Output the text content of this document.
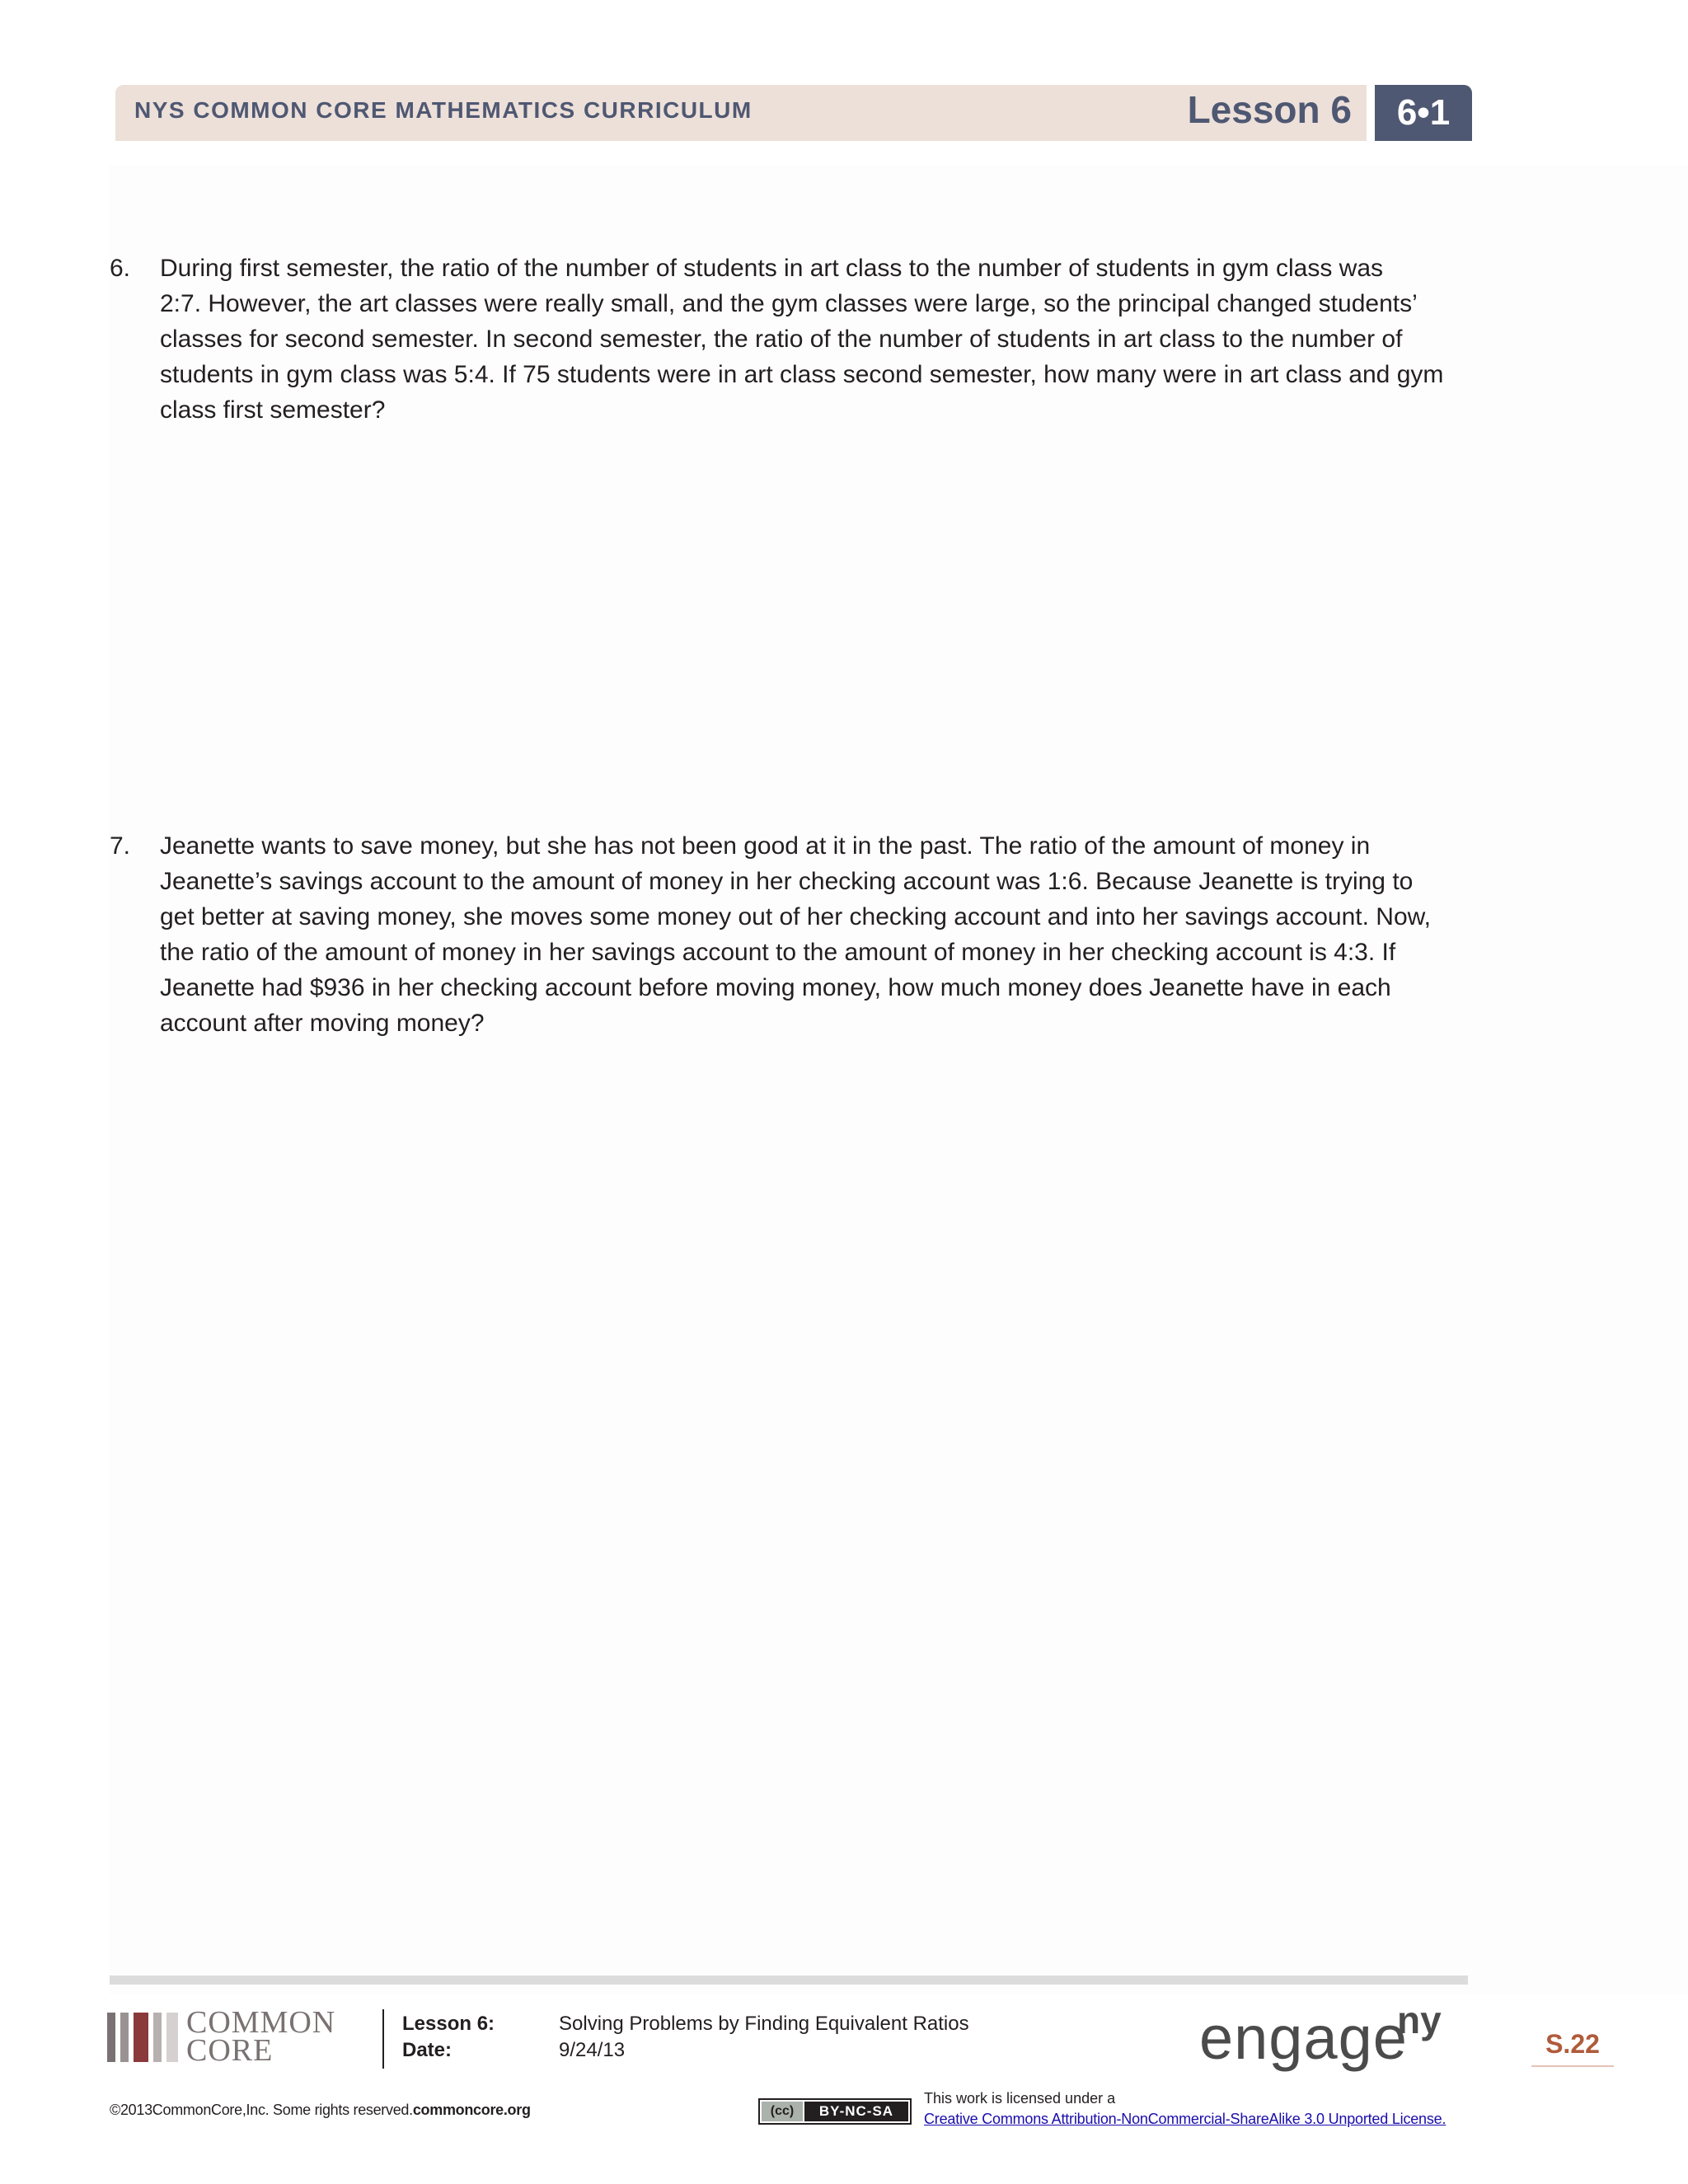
NYS COMMON CORE MATHEMATICS CURRICULUM	Lesson 6	6•1
6. During first semester, the ratio of the number of students in art class to the number of students in gym class was
2:7. However, the art classes were really small, and the gym classes were large, so the principal changed students’
classes for second semester. In second semester, the ratio of the number of students in art class to the number of
students in gym class was 5:4. If 75 students were in art class second semester, how many were in art class and gym
class first semester?
7. Jeanette wants to save money, but she has not been good at it in the past. The ratio of the amount of money in
Jeanette’s savings account to the amount of money in her checking account was 1:6. Because Jeanette is trying to
get better at saving money, she moves some money out of her checking account and into her savings account. Now,
the ratio of the amount of money in her savings account to the amount of money in her checking account is 4:3. If
Jeanette had $936 in her checking account before moving money, how much money does Jeanette have in each
account after moving money?
COMMON
CORE
Lesson 6:	Solving Problems by Finding Equivalent Ratios
Date:	9/24/13	engage
ny
S.22
©2013CommonCore,Inc. Some rights reserved.commoncore.org	(cc)	BY-NC-SA
This work is licensed under a
Creative Commons Attribution-NonCommercial-ShareAlike 3.0 Unported License.
